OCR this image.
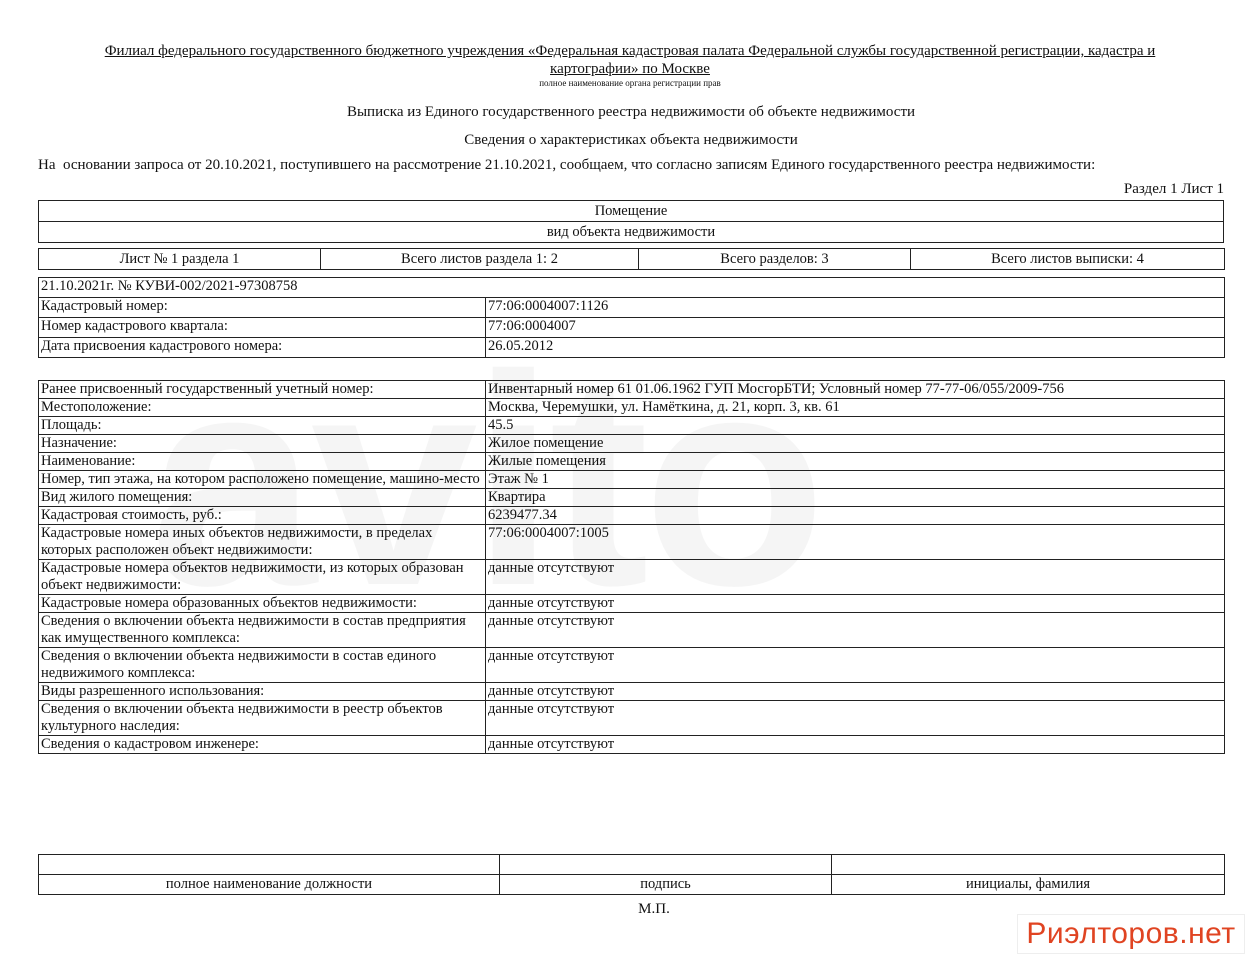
Филиал федерального государственного бюджетного учреждения «Федеральная кадастровая палата Федеральной службы государственной регистрации, кадастра и картографии» по Москве
полное наименование органа регистрации прав
Выписка из Единого государственного реестра недвижимости об объекте недвижимости
Сведения о характеристиках объекта недвижимости
На  основании запроса от 20.10.2021, поступившего на рассмотрение 21.10.2021, сообщаем, что согласно записям Единого государственного реестра недвижимости:
Раздел 1 Лист 1
Помещение
вид объекта недвижимости
Лист № 1 раздела 1	Всего листов раздела 1: 2	Всего разделов: 3	Всего листов выписки: 4
21.10.2021г. № КУВИ-002/2021-97308758	
Кадастровый номер:	77:06:0004007:1126
Номер кадастрового квартала:	77:06:0004007
Дата присвоения кадастрового номера:	26.05.2012
Ранее присвоенный государственный учетный номер:	Инвентарный номер 61 01.06.1962 ГУП МосгорБТИ; Условный номер 77-77-06/055/2009-756
Местоположение:	Москва, Черемушки, ул. Намёткина, д. 21, корп. 3, кв. 61
Площадь:	45.5
Назначение:	Жилое помещение
Наименование:	Жилые помещения
Номер, тип этажа, на котором расположено помещение, машино-место	Этаж № 1
Вид жилого помещения:	Квартира
Кадастровая стоимость, руб.:	6239477.34
Кадастровые номера иных объектов недвижимости, в пределах которых расположен объект недвижимости:	77:06:0004007:1005
Кадастровые номера объектов недвижимости, из которых образован объект недвижимости:	данные отсутствуют
Кадастровые номера образованных объектов недвижимости:	данные отсутствуют
Сведения о включении объекта недвижимости в состав предприятия как имущественного комплекса:	данные отсутствуют
Сведения о включении объекта недвижимости в состав единого недвижимого комплекса:	данные отсутствуют
Виды разрешенного использования:	данные отсутствуют
Сведения о включении объекта недвижимости в реестр объектов культурного наследия:	данные отсутствуют
Сведения о кадастровом инженере:	данные отсутствуют

полное наименование должности	подпись	инициалы, фамилия
М.П.
Риэлторов.нет
